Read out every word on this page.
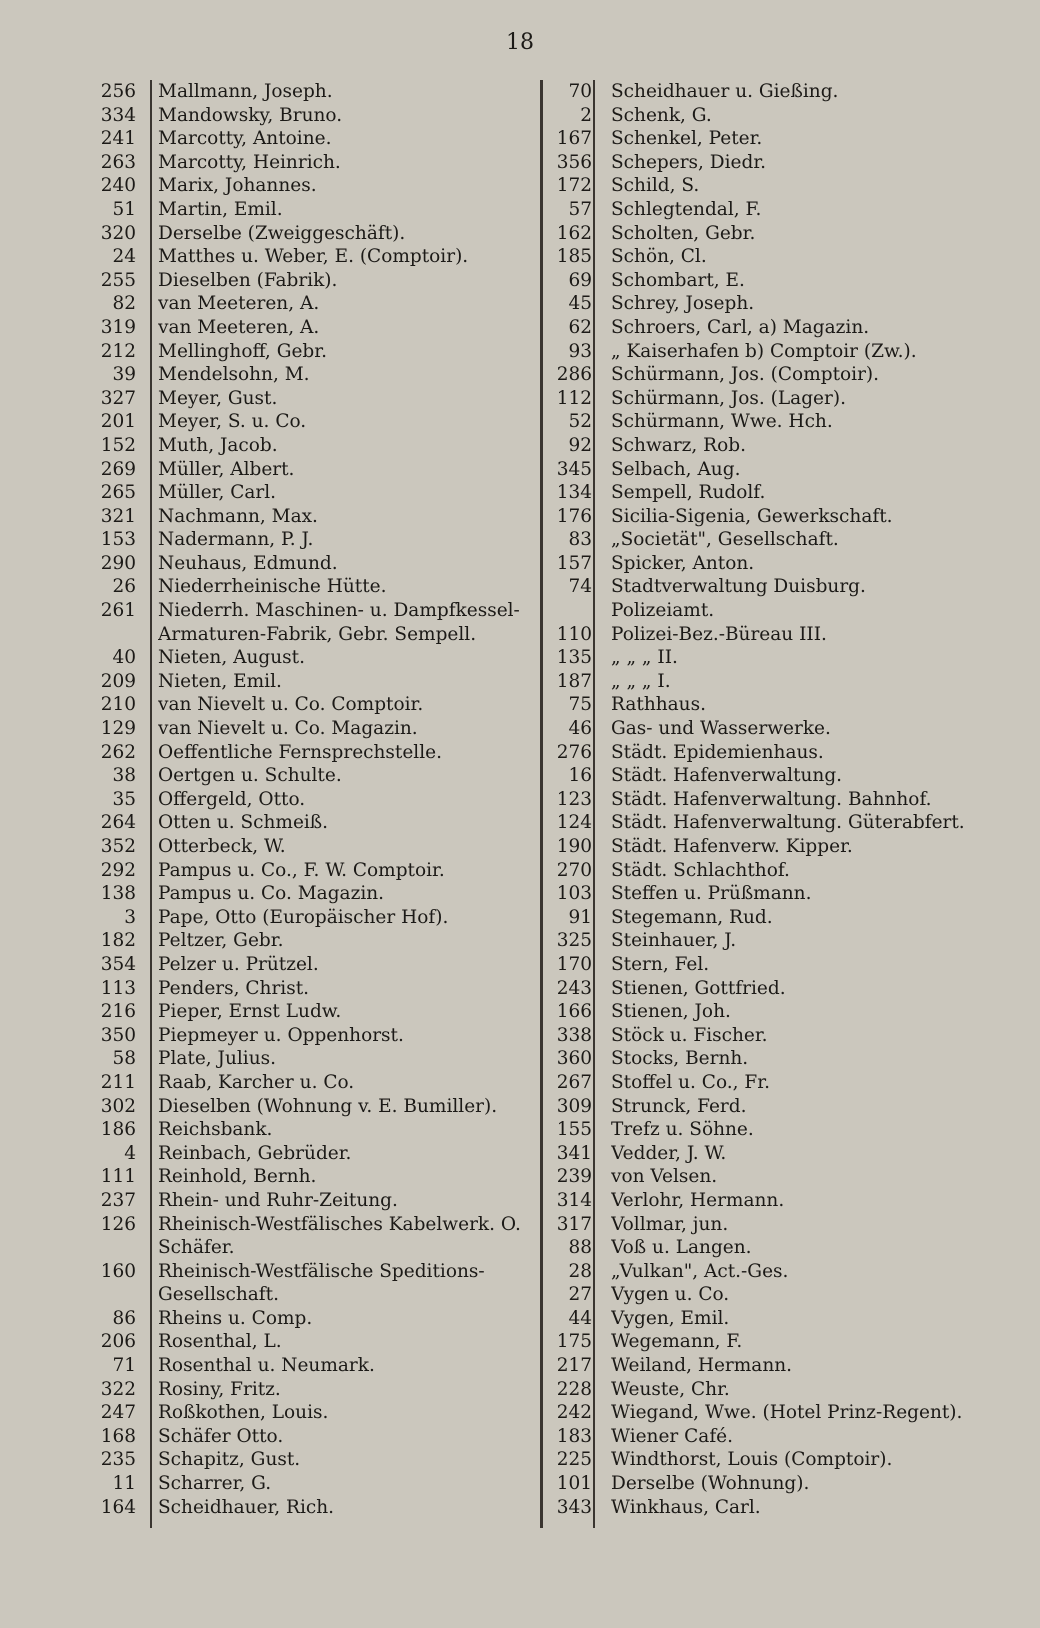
18
256 Mallmann, Joseph.
334 Mandowsky, Bruno.
241 Marcotty, Antoine.
263 Marcotty, Heinrich.
240 Marix, Johannes.
51 Martin, Emil.
320 Derselbe (Zweiggeschäft).
24 Matthes u. Weber, E. (Comptoir).
255 Dieselben (Fabrik).
82 van Meeteren, A.
319 van Meeteren, A.
212 Mellinghoff, Gebr.
39 Mendelsohn, M.
327 Meyer, Gust.
201 Meyer, S. u. Co.
152 Muth, Jacob.
269 Müller, Albert.
265 Müller, Carl.
321 Nachmann, Max.
153 Nadermann, P. J.
290 Neuhaus, Edmund.
26 Niederrheinische Hütte.
261 Niederrh. Maschinen- u. Dampfkessel-
Armaturen-Fabrik, Gebr. Sempell.
40 Nieten, August.
209 Nieten, Emil.
210 van Nievelt u. Co. Comptoir.
129 van Nievelt u. Co. Magazin.
262 Oeffentliche Fernsprechstelle.
38 Oertgen u. Schulte.
35 Offergeld, Otto.
264 Otten u. Schmeiß.
352 Otterbeck, W.
292 Pampus u. Co., F. W. Comptoir.
138 Pampus u. Co. Magazin.
3 Pape, Otto (Europäischer Hof).
182 Peltzer, Gebr.
354 Pelzer u. Prützel.
113 Penders, Christ.
216 Pieper, Ernst Ludw.
350 Piepmeyer u. Oppenhorst.
58 Plate, Julius.
211 Raab, Karcher u. Co.
302 Dieselben (Wohnung v. E. Bumiller).
186 Reichsbank.
4 Reinbach, Gebrüder.
111 Reinhold, Bernh.
237 Rhein- und Ruhr-Zeitung.
126 Rheinisch-Westfälisches Kabelwerk. O.
Schäfer.
160 Rheinisch-Westfälische Speditions-
Gesellschaft.
86 Rheins u. Comp.
206 Rosenthal, L.
71 Rosenthal u. Neumark.
322 Rosiny, Fritz.
247 Roßkothen, Louis.
168 Schäfer Otto.
235 Schapitz, Gust.
11 Scharrer, G.
164 Scheidhauer, Rich.
70 Scheidhauer u. Gießing.
2 Schenk, G.
167 Schenkel, Peter.
356 Schepers, Diedr.
172 Schild, S.
57 Schlegtendal, F.
162 Scholten, Gebr.
185 Schön, Cl.
69 Schombart, E.
45 Schrey, Joseph.
62 Schroers, Carl, a) Magazin.
93 „ Kaiserhafen b) Comptoir (Zw.).
286 Schürmann, Jos. (Comptoir).
112 Schürmann, Jos. (Lager).
52 Schürmann, Wwe. Hch.
92 Schwarz, Rob.
345 Selbach, Aug.
134 Sempell, Rudolf.
176 Sicilia-Sigenia, Gewerkschaft.
83 „Societät", Gesellschaft.
157 Spicker, Anton.
74 Stadtverwaltung Duisburg.
Polizeiamt.
110 Polizei-Bez.-Büreau III.
135 „ „ „ II.
187 „ „ „ I.
75 Rathhaus.
46 Gas- und Wasserwerke.
276 Städt. Epidemienhaus.
16 Städt. Hafenverwaltung.
123 Städt. Hafenverwaltung. Bahnhof.
124 Städt. Hafenverwaltung. Güterabfert.
190 Städt. Hafenverw. Kipper.
270 Städt. Schlachthof.
103 Steffen u. Prüßmann.
91 Stegemann, Rud.
325 Steinhauer, J.
170 Stern, Fel.
243 Stienen, Gottfried.
166 Stienen, Joh.
338 Stöck u. Fischer.
360 Stocks, Bernh.
267 Stoffel u. Co., Fr.
309 Strunck, Ferd.
155 Trefz u. Söhne.
341 Vedder, J. W.
239 von Velsen.
314 Verlohr, Hermann.
317 Vollmar, jun.
88 Voß u. Langen.
28 „Vulkan", Act.-Ges.
27 Vygen u. Co.
44 Vygen, Emil.
175 Wegemann, F.
217 Weiland, Hermann.
228 Weuste, Chr.
242 Wiegand, Wwe. (Hotel Prinz-Regent).
183 Wiener Café.
225 Windthorst, Louis (Comptoir).
101 Derselbe (Wohnung).
343 Winkhaus, Carl.
